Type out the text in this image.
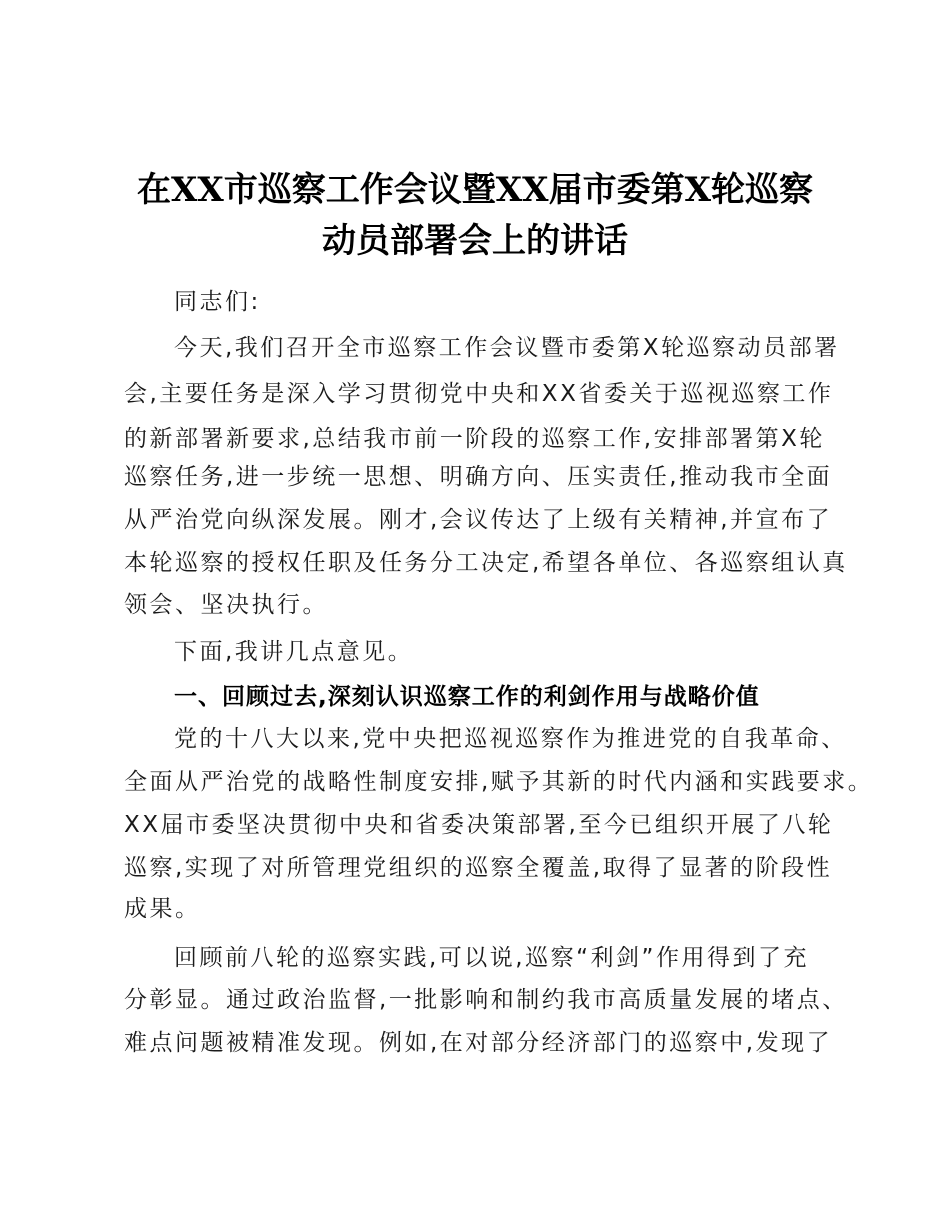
在XX市巡察工作会议暨XX届市委第X轮巡察
动员部署会上的讲话
同志们:
今天,我们召开全市巡察工作会议暨市委第X轮巡察动员部署
会,主要任务是深入学习贯彻党中央和XX省委关于巡视巡察工作
的新部署新要求,总结我市前一阶段的巡察工作,安排部署第X轮
巡察任务,进一步统一思想、明确方向、压实责任,推动我市全面
从严治党向纵深发展。刚才,会议传达了上级有关精神,并宣布了
本轮巡察的授权任职及任务分工决定,希望各单位、各巡察组认真
领会、坚决执行。
下面,我讲几点意见。
一、回顾过去,深刻认识巡察工作的利剑作用与战略价值
党的十八大以来,党中央把巡视巡察作为推进党的自我革命、
全面从严治党的战略性制度安排,赋予其新的时代内涵和实践要求。
XX届市委坚决贯彻中央和省委决策部署,至今已组织开展了八轮
巡察,实现了对所管理党组织的巡察全覆盖,取得了显著的阶段性
成果。
回顾前八轮的巡察实践,可以说,巡察“利剑”作用得到了充
分彰显。通过政治监督,一批影响和制约我市高质量发展的堵点、
难点问题被精准发现。例如,在对部分经济部门的巡察中,发现了
